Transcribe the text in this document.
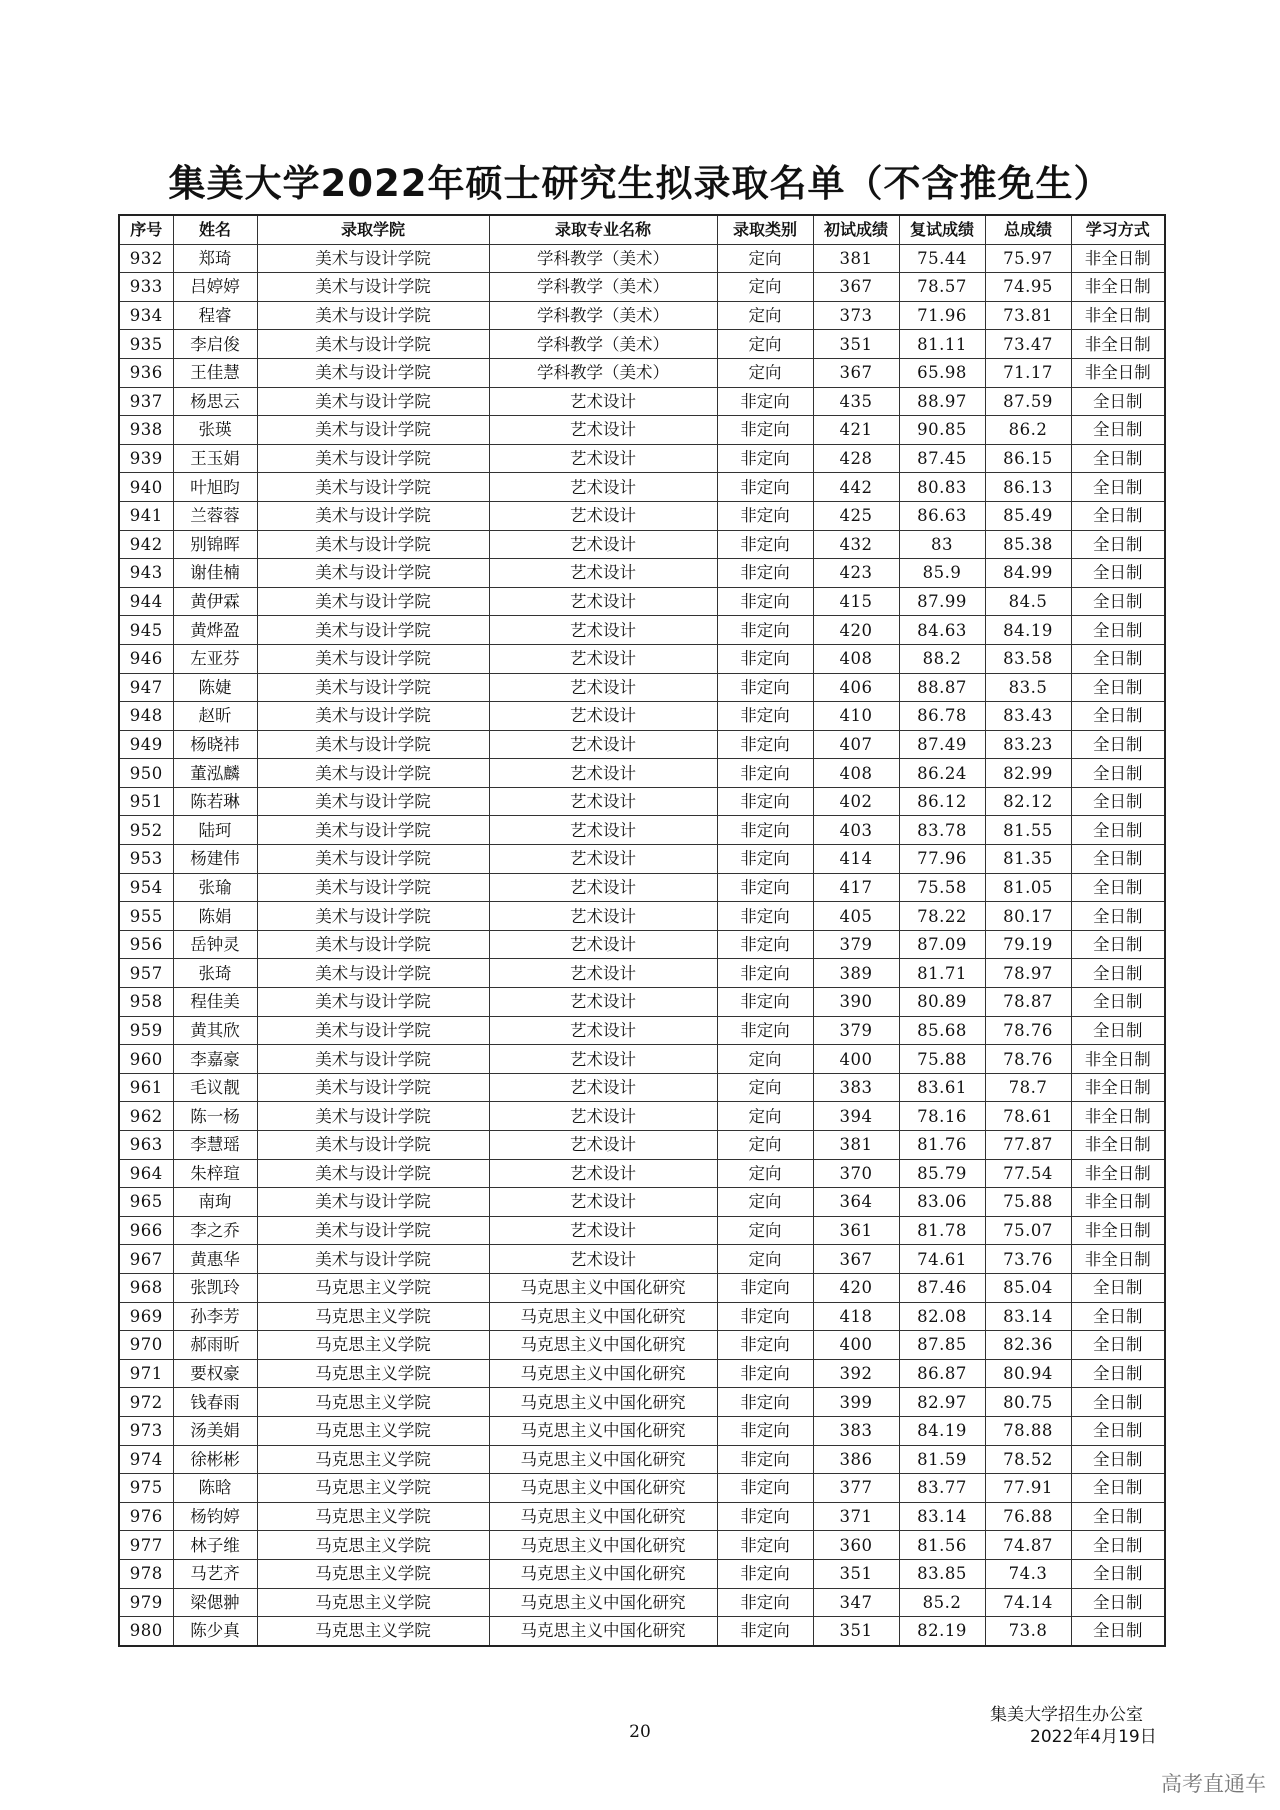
集美大学2022年硕士研究生拟录取名单（不含推免生）
序号	姓名	录取学院	录取专业名称	录取类别	初试成绩	复试成绩	总成绩	学习方式
932	郑琦	美术与设计学院	学科教学（美术）	定向	381	75.44	75.97	非全日制
933	吕婷婷	美术与设计学院	学科教学（美术）	定向	367	78.57	74.95	非全日制
934	程睿	美术与设计学院	学科教学（美术）	定向	373	71.96	73.81	非全日制
935	李启俊	美术与设计学院	学科教学（美术）	定向	351	81.11	73.47	非全日制
936	王佳慧	美术与设计学院	学科教学（美术）	定向	367	65.98	71.17	非全日制
937	杨思云	美术与设计学院	艺术设计	非定向	435	88.97	87.59	全日制
938	张瑛	美术与设计学院	艺术设计	非定向	421	90.85	86.2	全日制
939	王玉娟	美术与设计学院	艺术设计	非定向	428	87.45	86.15	全日制
940	叶旭昀	美术与设计学院	艺术设计	非定向	442	80.83	86.13	全日制
941	兰蓉蓉	美术与设计学院	艺术设计	非定向	425	86.63	85.49	全日制
942	别锦晖	美术与设计学院	艺术设计	非定向	432	83	85.38	全日制
943	谢佳楠	美术与设计学院	艺术设计	非定向	423	85.9	84.99	全日制
944	黄伊霖	美术与设计学院	艺术设计	非定向	415	87.99	84.5	全日制
945	黄烨盈	美术与设计学院	艺术设计	非定向	420	84.63	84.19	全日制
946	左亚芬	美术与设计学院	艺术设计	非定向	408	88.2	83.58	全日制
947	陈婕	美术与设计学院	艺术设计	非定向	406	88.87	83.5	全日制
948	赵昕	美术与设计学院	艺术设计	非定向	410	86.78	83.43	全日制
949	杨晓祎	美术与设计学院	艺术设计	非定向	407	87.49	83.23	全日制
950	董泓麟	美术与设计学院	艺术设计	非定向	408	86.24	82.99	全日制
951	陈若琳	美术与设计学院	艺术设计	非定向	402	86.12	82.12	全日制
952	陆珂	美术与设计学院	艺术设计	非定向	403	83.78	81.55	全日制
953	杨建伟	美术与设计学院	艺术设计	非定向	414	77.96	81.35	全日制
954	张瑜	美术与设计学院	艺术设计	非定向	417	75.58	81.05	全日制
955	陈娟	美术与设计学院	艺术设计	非定向	405	78.22	80.17	全日制
956	岳钟灵	美术与设计学院	艺术设计	非定向	379	87.09	79.19	全日制
957	张琦	美术与设计学院	艺术设计	非定向	389	81.71	78.97	全日制
958	程佳美	美术与设计学院	艺术设计	非定向	390	80.89	78.87	全日制
959	黄其欣	美术与设计学院	艺术设计	非定向	379	85.68	78.76	全日制
960	李嘉豪	美术与设计学院	艺术设计	定向	400	75.88	78.76	非全日制
961	毛议靓	美术与设计学院	艺术设计	定向	383	83.61	78.7	非全日制
962	陈一杨	美术与设计学院	艺术设计	定向	394	78.16	78.61	非全日制
963	李慧瑶	美术与设计学院	艺术设计	定向	381	81.76	77.87	非全日制
964	朱梓瑄	美术与设计学院	艺术设计	定向	370	85.79	77.54	非全日制
965	南珣	美术与设计学院	艺术设计	定向	364	83.06	75.88	非全日制
966	李之乔	美术与设计学院	艺术设计	定向	361	81.78	75.07	非全日制
967	黄惠华	美术与设计学院	艺术设计	定向	367	74.61	73.76	非全日制
968	张凯玲	马克思主义学院	马克思主义中国化研究	非定向	420	87.46	85.04	全日制
969	孙李芳	马克思主义学院	马克思主义中国化研究	非定向	418	82.08	83.14	全日制
970	郝雨昕	马克思主义学院	马克思主义中国化研究	非定向	400	87.85	82.36	全日制
971	要权豪	马克思主义学院	马克思主义中国化研究	非定向	392	86.87	80.94	全日制
972	钱春雨	马克思主义学院	马克思主义中国化研究	非定向	399	82.97	80.75	全日制
973	汤美娟	马克思主义学院	马克思主义中国化研究	非定向	383	84.19	78.88	全日制
974	徐彬彬	马克思主义学院	马克思主义中国化研究	非定向	386	81.59	78.52	全日制
975	陈晗	马克思主义学院	马克思主义中国化研究	非定向	377	83.77	77.91	全日制
976	杨钧婷	马克思主义学院	马克思主义中国化研究	非定向	371	83.14	76.88	全日制
977	林子维	马克思主义学院	马克思主义中国化研究	非定向	360	81.56	74.87	全日制
978	马艺齐	马克思主义学院	马克思主义中国化研究	非定向	351	83.85	74.3	全日制
979	梁偲翀	马克思主义学院	马克思主义中国化研究	非定向	347	85.2	74.14	全日制
980	陈少真	马克思主义学院	马克思主义中国化研究	非定向	351	82.19	73.8	全日制
20
集美大学招生办公室
2022年4月19日
高考直通车
